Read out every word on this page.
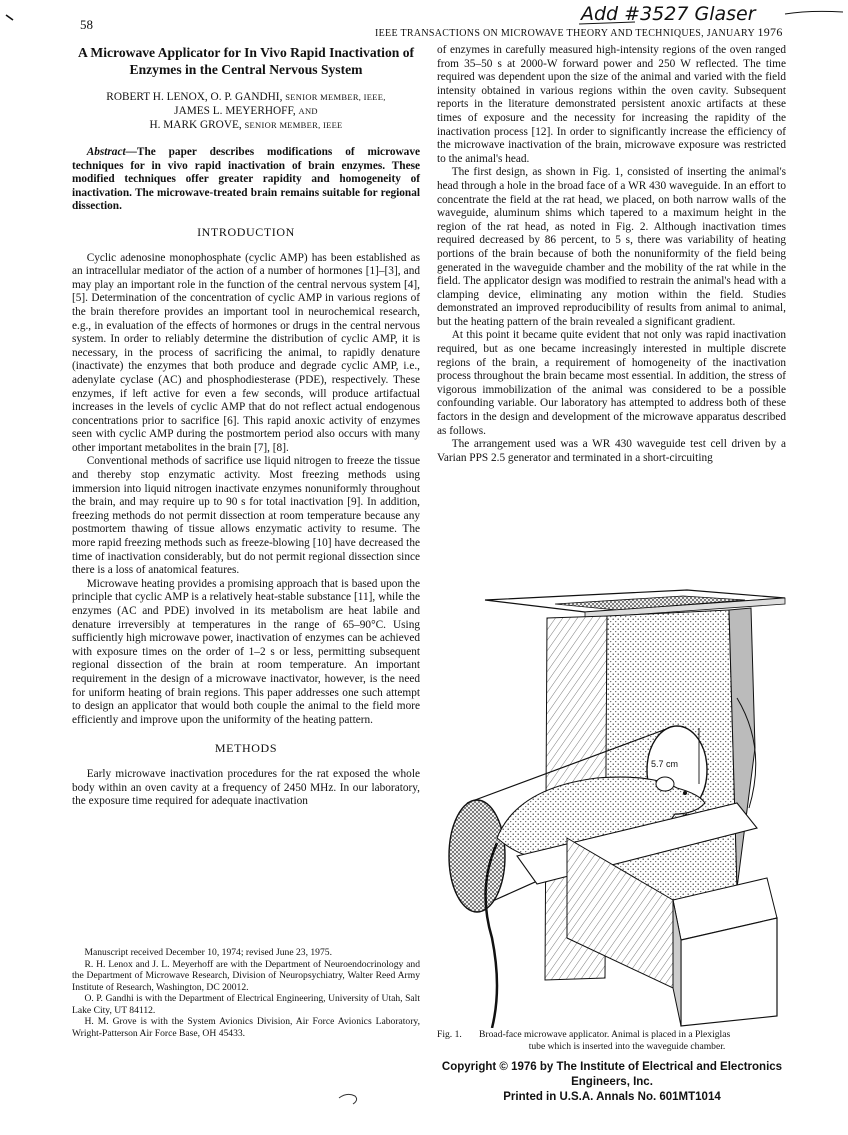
58
IEEE TRANSACTIONS ON MICROWAVE THEORY AND TECHNIQUES, JANUARY 1976
Add #3527 Glaser
A Microwave Applicator for In Vivo Rapid Inactivation of Enzymes in the Central Nervous System
ROBERT H. LENOX, O. P. GANDHI, SENIOR MEMBER, IEEE,
JAMES L. MEYERHOFF, AND
H. MARK GROVE, SENIOR MEMBER, IEEE

Abstract—The paper describes modifications of microwave techniques for in vivo rapid inactivation of brain enzymes. These modified techniques offer greater rapidity and homogeneity of inactivation. The microwave-treated brain remains suitable for regional dissection.

INTRODUCTION

Cyclic adenosine monophosphate (cyclic AMP) has been established as an intracellular mediator of the action of a number of hormones [1]–[3], and may play an important role in the function of the central nervous system [4], [5]. Determination of the concentration of cyclic AMP in various regions of the brain therefore provides an important tool in neurochemical research, e.g., in evaluation of the effects of hormones or drugs in the central nervous system. In order to reliably determine the distribution of cyclic AMP, it is necessary, in the process of sacrificing the animal, to rapidly denature (inactivate) the enzymes that both produce and degrade cyclic AMP, i.e., adenylate cyclase (AC) and phosphodiesterase (PDE), respectively. These enzymes, if left active for even a few seconds, will produce artifactual increases in the levels of cyclic AMP that do not reflect actual endogenous concentrations prior to sacrifice [6]. This rapid anoxic activity of enzymes seen with cyclic AMP during the postmortem period also occurs with many other important metabolites in the brain [7], [8].

Conventional methods of sacrifice use liquid nitrogen to freeze the tissue and thereby stop enzymatic activity. Most freezing methods using immersion into liquid nitrogen inactivate enzymes nonuniformly throughout the brain, and may require up to 90 s for total inactivation [9]. In addition, freezing methods do not permit dissection at room temperature because any postmortem thawing of tissue allows enzymatic activity to resume. The more rapid freezing methods such as freeze-blowing [10] have decreased the time of inactivation considerably, but do not permit regional dissection since there is a loss of anatomical features.

Microwave heating provides a promising approach that is based upon the principle that cyclic AMP is a relatively heat-stable substance [11], while the enzymes (AC and PDE) involved in its metabolism are heat labile and denature irreversibly at temperatures in the range of 65–90°C. Using sufficiently high microwave power, inactivation of enzymes can be achieved with exposure times on the order of 1–2 s or less, permitting subsequent regional dissection of the brain at room temperature. An important requirement in the design of a microwave inactivator, however, is the need for uniform heating of brain regions. This paper addresses one such attempt to design an applicator that would both couple the animal to the field more efficiently and improve upon the uniformity of the heating pattern.

METHODS

Early microwave inactivation procedures for the rat exposed the whole body within an oven cavity at a frequency of 2450 MHz. In our laboratory, the exposure time required for adequate inactivation

Manuscript received December 10, 1974; revised June 23, 1975.

R. H. Lenox and J. L. Meyerhoff are with the Department of Neuroendocrinology and the Department of Microwave Research, Division of Neuropsychiatry, Walter Reed Army Institute of Research, Washington, DC 20012.

O. P. Gandhi is with the Department of Electrical Engineering, University of Utah, Salt Lake City, UT 84112.

H. M. Grove is with the System Avionics Division, Air Force Avionics Laboratory, Wright-Patterson Air Force Base, OH 45433.

of enzymes in carefully measured high-intensity regions of the oven ranged from 35–50 s at 2000-W forward power and 250 W reflected. The time required was dependent upon the size of the animal and varied with the field intensity obtained in various regions within the oven cavity. Subsequent reports in the literature demonstrated persistent anoxic artifacts at these times of exposure and the necessity for increasing the rapidity of the inactivation process [12]. In order to significantly increase the efficiency of the microwave inactivation of the brain, microwave exposure was restricted to the animal's head.

The first design, as shown in Fig. 1, consisted of inserting the animal's head through a hole in the broad face of a WR 430 waveguide. In an effort to concentrate the field at the rat head, we placed, on both narrow walls of the waveguide, aluminum shims which tapered to a maximum height in the region of the rat head, as noted in Fig. 2. Although inactivation times required decreased by 86 percent, to 5 s, there was variability of heating portions of the brain because of both the nonuniformity of the field being generated in the waveguide chamber and the mobility of the rat while in the field. The applicator design was modified to restrain the animal's head with a clamping device, eliminating any motion within the field. Studies demonstrated an improved reproducibility of results from animal to animal, but the heating pattern of the brain revealed a significant gradient.

At this point it became quite evident that not only was rapid inactivation required, but as one became increasingly interested in multiple discrete regions of the brain, a requirement of homogeneity of the inactivation process throughout the brain became most essential. In addition, the stress of vigorous immobilization of the animal was considered to be a possible confounding variable. Our laboratory has attempted to address both of these factors in the design and development of the microwave apparatus described as follows.

The arrangement used was a WR 430 waveguide test cell driven by a Varian PPS 2.5 generator and terminated in a short-circuiting

5.7 cm
Fig. 1. Broad-face microwave applicator. Animal is placed in a Plexiglas
tube which is inserted into the waveguide chamber.
Copyright © 1976 by The Institute of Electrical and Electronics Engineers, Inc.
Printed in U.S.A. Annals No. 601MT1014
